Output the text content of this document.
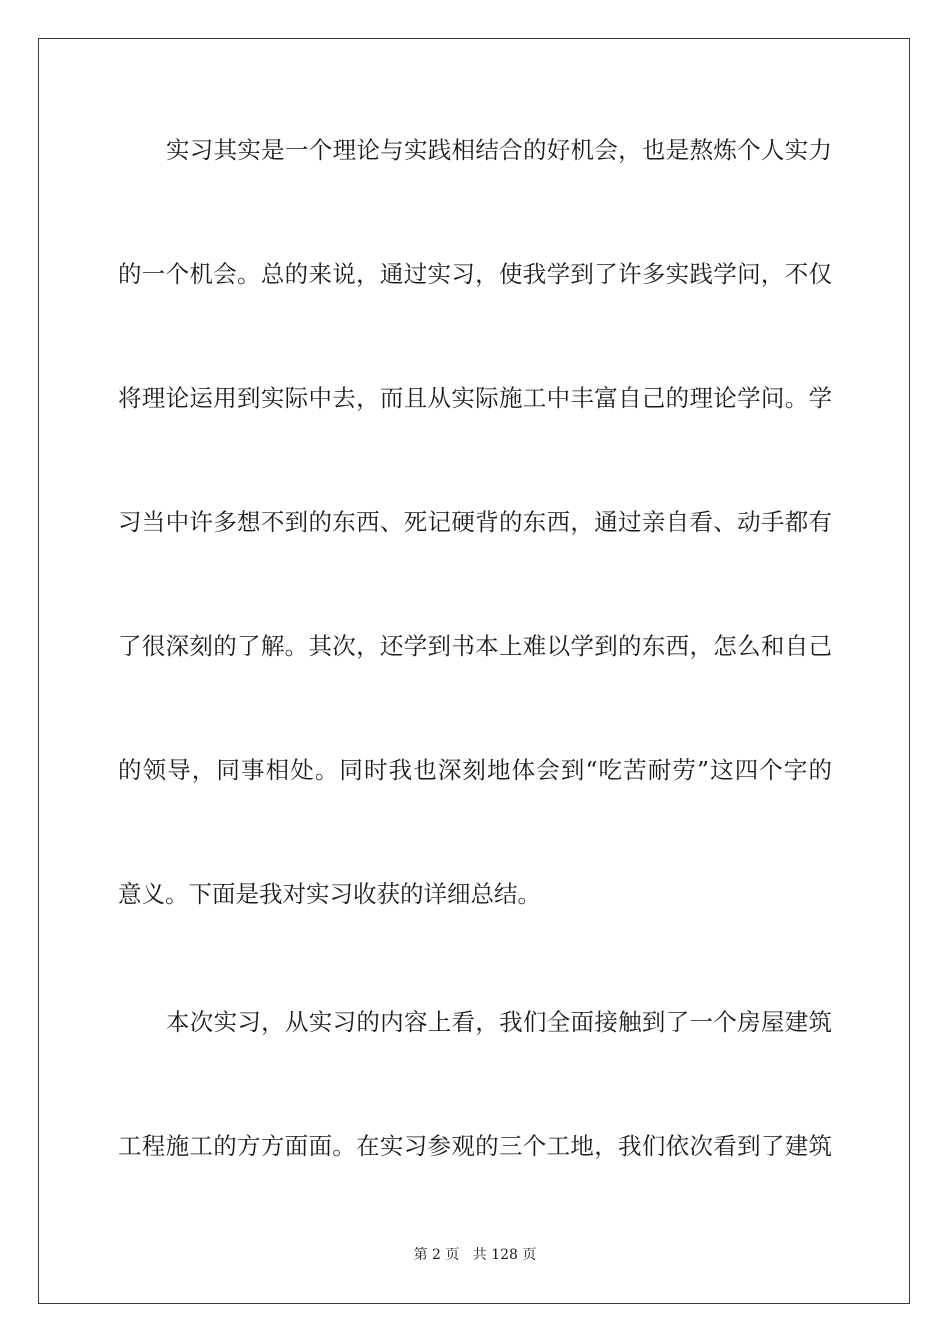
实习其实是一个理论与实践相结合的好机会，也是熬炼个人实力
的一个机会。总的来说，通过实习，使我学到了许多实践学问，不仅
将理论运用到实际中去，而且从实际施工中丰富自己的理论学问。学
习当中许多想不到的东西、死记硬背的东西，通过亲自看、动手都有
了很深刻的了解。其次，还学到书本上难以学到的东西，怎么和自己
的领导，同事相处。同时我也深刻地体会到“吃苦耐劳”这四个字的
意义。下面是我对实习收获的详细总结。
本次实习，从实习的内容上看，我们全面接触到了一个房屋建筑
工程施工的方方面面。在实习参观的三个工地，我们依次看到了建筑
第 2 页   共 128 页
